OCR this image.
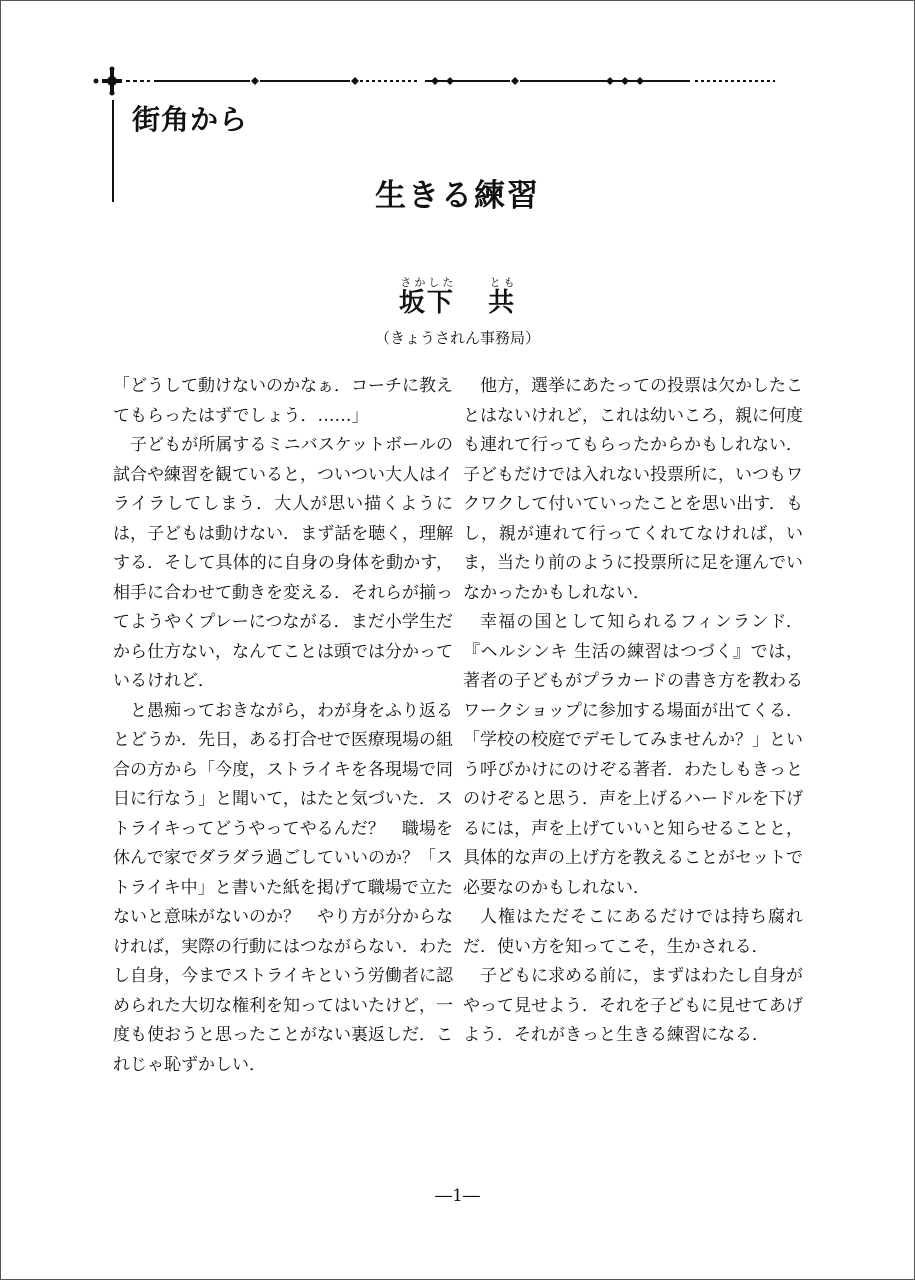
街角から
生きる練習
坂下さかした   共とも
（きょうされん事務局）

「どうして動けないのかなぁ．コーチに教えてもらったはずでしょう．……」

子どもが所属するミニバスケットボールの試合や練習を観ていると，ついつい大人はイライラしてしまう．大人が思い描くようには，子どもは動けない．まず話を聴く，理解する．そして具体的に自身の身体を動かす，相手に合わせて動きを変える．それらが揃ってようやくプレーにつながる．まだ小学生だから仕方ない，なんてことは頭では分かっているけれど．

と愚痴っておきながら，わが身をふり返るとどうか．先日，ある打合せで医療現場の組合の方から「今度，ストライキを各現場で同日に行なう」と聞いて，はたと気づいた．ストライキってどうやってやるんだ？　職場を休んで家でダラダラ過ごしていいのか？「ストライキ中」と書いた紙を掲げて職場で立たないと意味がないのか？　やり方が分からなければ，実際の行動にはつながらない．わたし自身，今までストライキという労働者に認められた大切な権利を知ってはいたけど，一度も使おうと思ったことがない裏返しだ．これじゃ恥ずかしい．

他方，選挙にあたっての投票は欠かしたことはないけれど，これは幼いころ，親に何度も連れて行ってもらったからかもしれない．子どもだけでは入れない投票所に，いつもワクワクして付いていったことを思い出す．もし，親が連れて行ってくれてなければ，いま，当たり前のように投票所に足を運んでいなかったかもしれない．

幸福の国として知られるフィンランド．『ヘルシンキ 生活の練習はつづく』では，著者の子どもがプラカードの書き方を教わるワークショップに参加する場面が出てくる．「学校の校庭でデモしてみませんか？」という呼びかけにのけぞる著者．わたしもきっとのけぞると思う．声を上げるハードルを下げるには，声を上げていいと知らせることと，具体的な声の上げ方を教えることがセットで必要なのかもしれない．

人権はただそこにあるだけでは持ち腐れだ．使い方を知ってこそ，生かされる．

子どもに求める前に，まずはわたし自身がやって見せよう．それを子どもに見せてあげよう．それがきっと生きる練習になる．

―1―
